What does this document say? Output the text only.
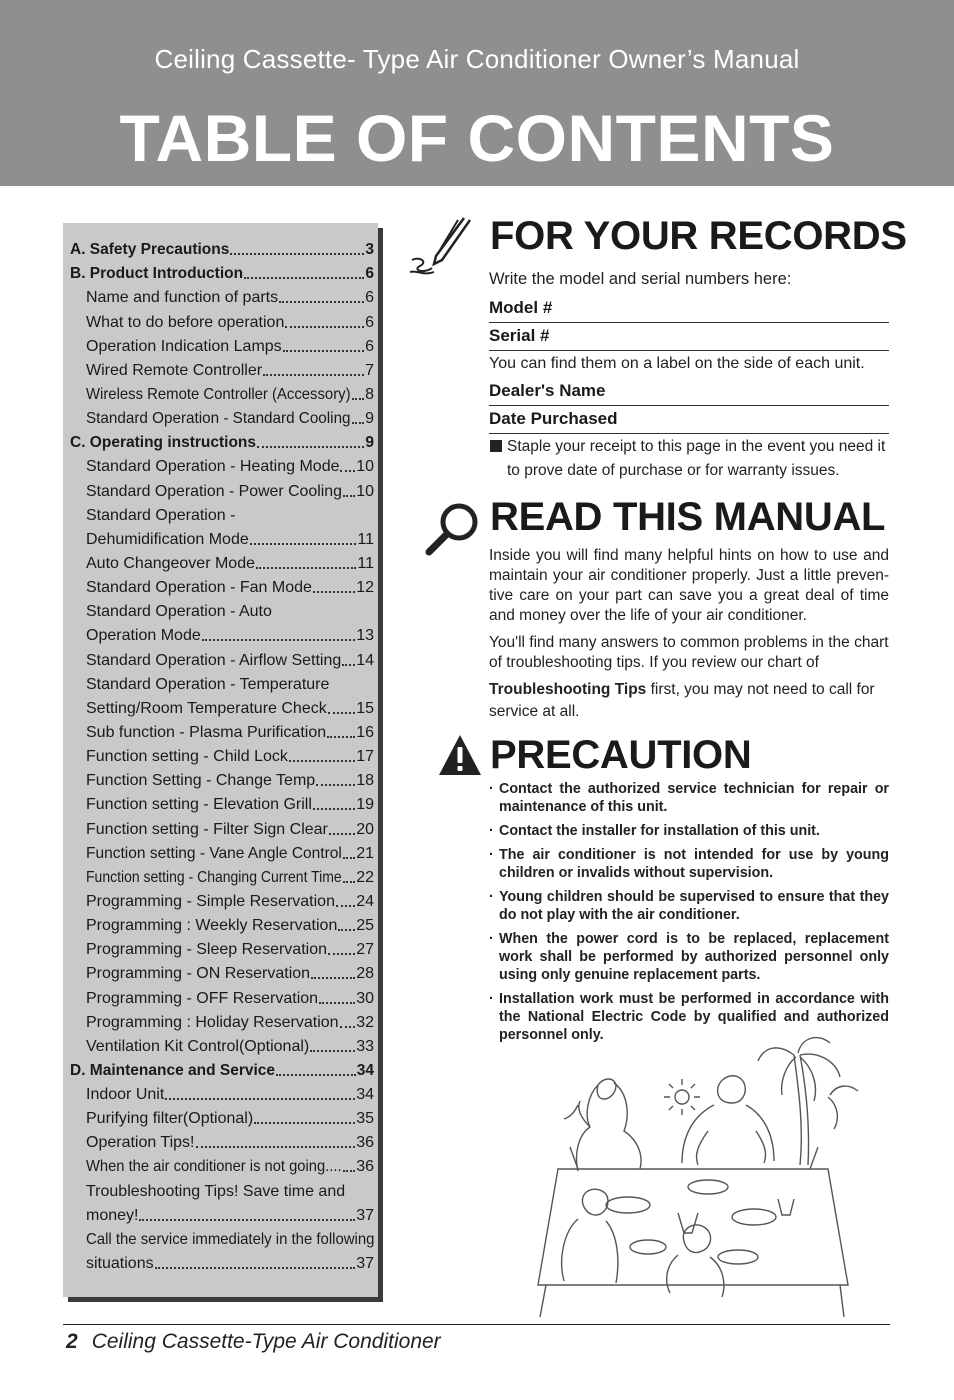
Ceiling Cassette- Type Air Conditioner Owner’s Manual
TABLE OF CONTENTS
A. Safety Precautions	3
B. Product Introduction	6
Name and function of parts	6
What to do before operation	6
Operation Indication Lamps	6
Wired Remote Controller	7
Wireless Remote Controller (Accessory) 8
Standard Operation - Standard Cooling 9
C. Operating instructions	9
Standard Operation - Heating Mode 10
Standard Operation - Power Cooling 10
Standard Operation -
Dehumidification Mode	11
Auto Changeover Mode	11
Standard Operation - Fan Mode	12
Standard Operation - Auto
Operation Mode	13
Standard Operation - Airflow Setting 14
Standard Operation - Temperature
Setting/Room Temperature Check 15
Sub function - Plasma Purification 16
Function setting - Child Lock	17
Function Setting - Change Temp	18
Function setting - Elevation Grill	19
Function setting - Filter Sign Clear 20
Function setting - Vane Angle Control 21
Function setting - Changing Current Time 22
Programming - Simple Reservation 24
Programming : Weekly Reservation 25
Programming - Sleep Reservation 27
Programming - ON Reservation	28
Programming - OFF Reservation 30
Programming : Holiday Reservation 32
Ventilation Kit Control(Optional)	33
D. Maintenance and Service	34
Indoor Unit	34
Purifying filter(Optional)	35
Operation Tips!	36
When the air conditioner is not going.... 36
Troubleshooting Tips! Save time and
money!	37
Call the service immediately in the following
situations	37
FOR YOUR RECORDS
Write the model and serial numbers here:
Model #
Serial #
You can find them on a label on the side of each unit.
Dealer's Name
Date Purchased
Staple your receipt to this page in the event you need it
to prove date of purchase or for warranty issues.
READ THIS MANUAL
Inside you will find many helpful hints on how to use and maintain your air conditioner properly. Just a little preven-tive care on your part can save you a great deal of time and money over the life of your air conditioner.
You'll find many answers to common problems in the chart of troubleshooting tips. If you review our chart of
Troubleshooting Tips first, you may not need to call for service at all.
PRECAUTION
· Contact the authorized service technician for repair or maintenance of this unit.
· Contact the installer for installation of this unit.
· The air conditioner is not intended for use by young children or invalids without supervision.
· Young children should be supervised to ensure that they do not play with the air conditioner.
· When the power cord is to be replaced, replacement work shall be performed by authorized personnel only using only genuine replacement parts.
· Installation work must be performed in accordance with the National Electric Code by qualified and authorized personnel only.
2 Ceiling Cassette-Type Air Conditioner
